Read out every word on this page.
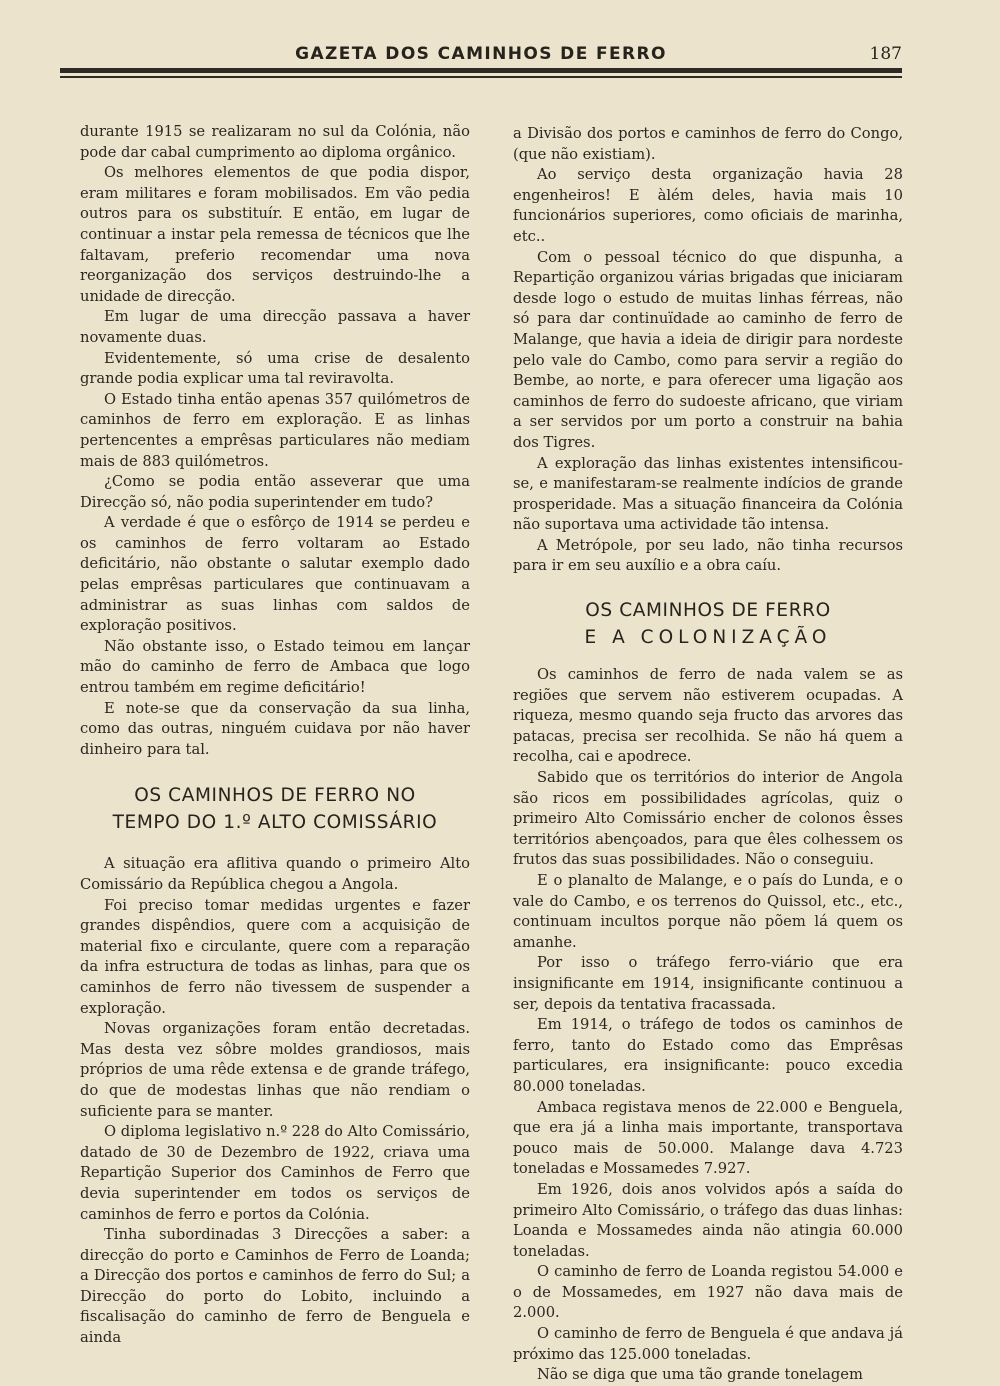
GAZETA DOS CAMINHOS DE FERRO	187

durante 1915 se realizaram no sul da Colónia, não pode dar cabal cumprimento ao diploma orgânico.

Os melhores elementos de que podia dispor, eram militares e foram mobilisados. Em vão pedia outros para os substituír. E então, em lugar de continuar a instar pela remessa de técnicos que lhe faltavam, preferio recomendar uma nova reorganização dos serviços destruindo-lhe a unidade de direcção.

Em lugar de uma direcção passava a haver novamente duas.

Evidentemente, só uma crise de desalento grande podia explicar uma tal reviravolta.

O Estado tinha então apenas 357 quilómetros de caminhos de ferro em exploração. E as linhas pertencentes a emprêsas particulares não mediam mais de 883 quilómetros.

¿Como se podia então asseverar que uma Direcção só, não podia superintender em tudo?

A verdade é que o esfôrço de 1914 se perdeu e os caminhos de ferro voltaram ao Estado deficitário, não obstante o salutar exemplo dado pelas emprêsas particulares que continuavam a administrar as suas linhas com saldos de exploração positivos.

Não obstante isso, o Estado teimou em lançar mão do caminho de ferro de Ambaca que logo entrou também em regime deficitário!

E note-se que da conservação da sua linha, como das outras, ninguém cuidava por não haver dinheiro para tal.

OS CAMINHOS DE FERRO NO
TEMPO DO 1.º ALTO COMISSÁRIO

A situação era aflitiva quando o primeiro Alto Comissário da República chegou a Angola.

Foi preciso tomar medidas urgentes e fazer grandes dispêndios, quere com a acquisição de material fixo e circulante, quere com a reparação da infra estructura de todas as linhas, para que os caminhos de ferro não tivessem de suspender a exploração.

Novas organizações foram então decretadas. Mas desta vez sôbre moldes grandiosos, mais próprios de uma rêde extensa e de grande tráfego, do que de modestas linhas que não rendiam o suficiente para se manter.

O diploma legislativo n.º 228 do Alto Comissário, datado de 30 de Dezembro de 1922, criava uma Repartição Superior dos Caminhos de Ferro que devia superintender em todos os serviços de caminhos de ferro e portos da Colónia.

Tinha subordinadas 3 Direcções a saber: a direcção do porto e Caminhos de Ferro de Loanda; a Direcção dos portos e caminhos de ferro do Sul; a Direcção do porto do Lobito, incluindo a fiscalisação do caminho de ferro de Benguela e ainda

a Divisão dos portos e caminhos de ferro do Congo, (que não existiam).

Ao serviço desta organização havia 28 engenheiros! E àlém deles, havia mais 10 funcionários superiores, como oficiais de marinha, etc..

Com o pessoal técnico do que dispunha, a Repartição organizou várias brigadas que iniciaram desde logo o estudo de muitas linhas férreas, não só para dar continuïdade ao caminho de ferro de Malange, que havia a ideia de dirigir para nordeste pelo vale do Cambo, como para servir a região do Bembe, ao norte, e para oferecer uma ligação aos caminhos de ferro do sudoeste africano, que viriam a ser servidos por um porto a construir na bahia dos Tigres.

A exploração das linhas existentes intensificou-se, e manifestaram-se realmente indícios de grande prosperidade. Mas a situação financeira da Colónia não suportava uma actividade tão intensa.

A Metrópole, por seu lado, não tinha recursos para ir em seu auxílio e a obra caíu.

OS CAMINHOS DE FERRO
E A COLONIZAÇÃO

Os caminhos de ferro de nada valem se as regiões que servem não estiverem ocupadas. A riqueza, mesmo quando seja fructo das arvores das patacas, precisa ser recolhida. Se não há quem a recolha, cai e apodrece.

Sabido que os territórios do interior de Angola são ricos em possibilidades agrícolas, quiz o primeiro Alto Comissário encher de colonos êsses territórios abençoados, para que êles colhessem os frutos das suas possibilidades. Não o conseguiu.

E o planalto de Malange, e o país do Lunda, e o vale do Cambo, e os terrenos do Quissol, etc., etc., continuam incultos porque não põem lá quem os amanhe.

Por isso o tráfego ferro-viário que era insignificante em 1914, insignificante continuou a ser, depois da tentativa fracassada.

Em 1914, o tráfego de todos os caminhos de ferro, tanto do Estado como das Emprêsas particulares, era insignificante: pouco excedia 80.000 toneladas.

Ambaca registava menos de 22.000 e Benguela, que era já a linha mais importante, transportava pouco mais de 50.000. Malange dava 4.723 toneladas e Mossamedes 7.927.

Em 1926, dois anos volvidos após a saída do primeiro Alto Comissário, o tráfego das duas linhas: Loanda e Mossamedes ainda não atingia 60.000 toneladas.

O caminho de ferro de Loanda registou 54.000 e o de Mossamedes, em 1927 não dava mais de 2.000.

O caminho de ferro de Benguela é que andava já próximo das 125.000 toneladas.

Não se diga que uma tão grande tonelagem
